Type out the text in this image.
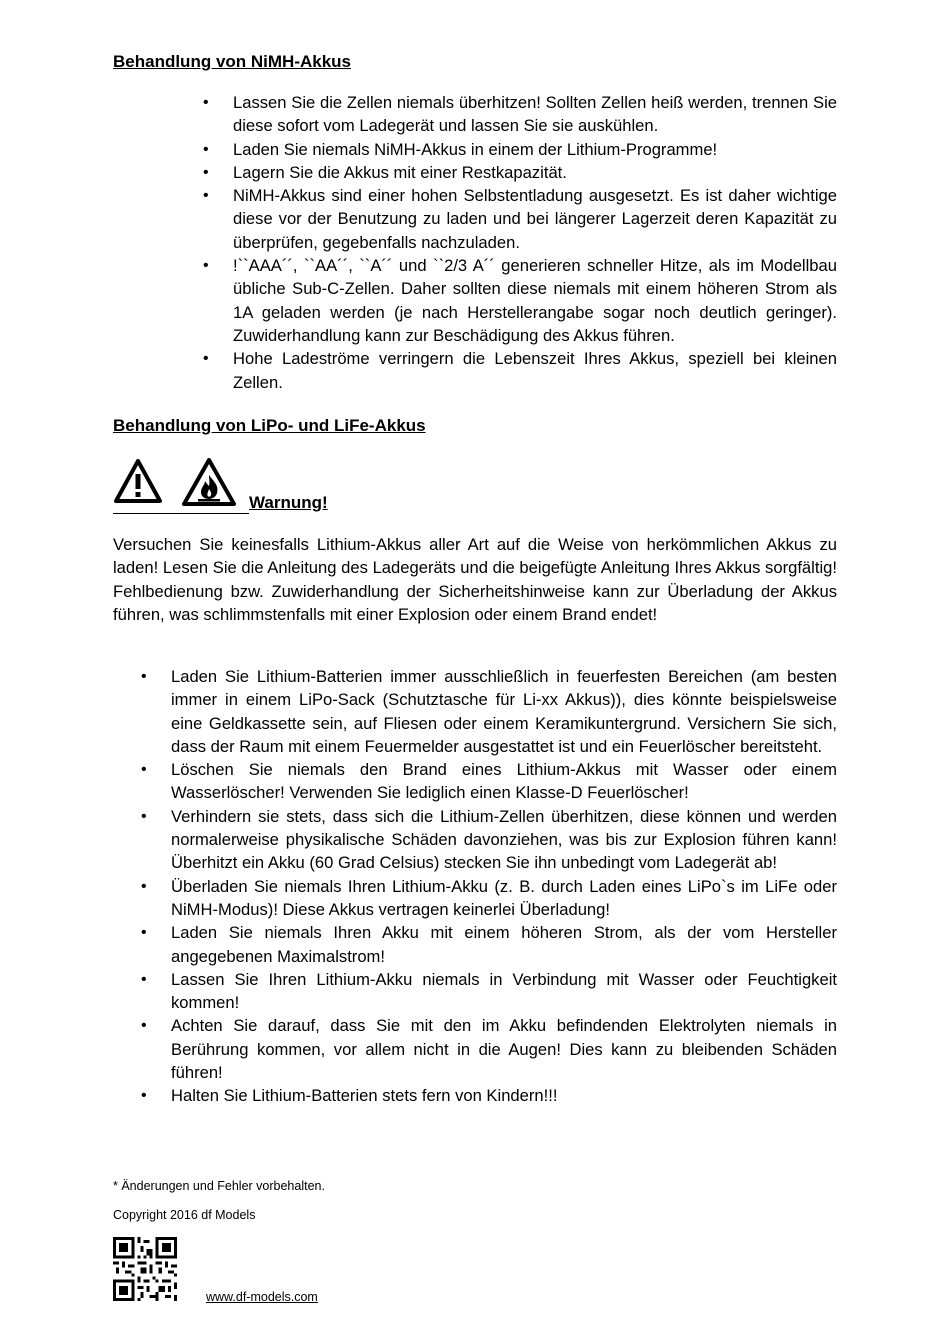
Behandlung von NiMH-Akkus
• Lassen Sie die Zellen niemals überhitzen! Sollten Zellen heiß werden, trennen Sie diese sofort vom Ladegerät und lassen Sie sie auskühlen.
• Laden Sie niemals NiMH-Akkus in einem der Lithium-Programme!
• Lagern Sie die Akkus mit einer Restkapazität.
• NiMH-Akkus sind einer hohen Selbstentladung ausgesetzt. Es ist daher wichtige diese vor der Benutzung zu laden und bei längerer Lagerzeit deren Kapazität zu überprüfen, gegebenfalls nachzuladen.
• !``AAA´´, ``AA´´, ``A´´ und ``2/3 A´´ generieren schneller Hitze, als im Modellbau übliche Sub-C-Zellen. Daher sollten diese niemals mit einem höheren Strom als 1A geladen werden (je nach Herstellerangabe sogar noch deutlich geringer). Zuwiderhandlung kann zur Beschädigung des Akkus führen.
• Hohe Ladeströme verringern die Lebenszeit Ihres Akkus, speziell bei kleinen Zellen.
Behandlung von LiPo- und LiFe-Akkus
Warnung!

Versuchen Sie keinesfalls Lithium-Akkus aller Art auf die Weise von herkömmlichen Akkus zu laden! Lesen Sie die Anleitung des Ladegeräts und die beigefügte Anleitung Ihres Akkus sorgfältig! Fehlbedienung bzw. Zuwiderhandlung der Sicherheitshinweise kann zur Überladung der Akkus führen, was schlimmstenfalls mit einer Explosion oder einem Brand endet!

• Laden Sie Lithium-Batterien immer ausschließlich in feuerfesten Bereichen (am besten immer in einem LiPo-Sack (Schutztasche für Li-xx Akkus)), dies könnte beispielsweise eine Geldkassette sein, auf Fliesen oder einem Keramikuntergrund. Versichern Sie sich, dass der Raum mit einem Feuermelder ausgestattet ist und ein Feuerlöscher bereitsteht.
• Löschen Sie niemals den Brand eines Lithium-Akkus mit Wasser oder einem Wasserlöscher! Verwenden Sie lediglich einen Klasse-D Feuerlöscher!
• Verhindern sie stets, dass sich die Lithium-Zellen überhitzen, diese können und werden normalerweise physikalische Schäden davonziehen, was bis zur Explosion führen kann! Überhitzt ein Akku (60 Grad Celsius) stecken Sie ihn unbedingt vom Ladegerät ab!
• Überladen Sie niemals Ihren Lithium-Akku (z. B. durch Laden eines LiPo`s im LiFe oder NiMH-Modus)! Diese Akkus vertragen keinerlei Überladung!
• Laden Sie niemals Ihren Akku mit einem höheren Strom, als der vom Hersteller angegebenen Maximalstrom!
• Lassen Sie Ihren Lithium-Akku niemals in Verbindung mit Wasser oder Feuchtigkeit kommen!
• Achten Sie darauf, dass Sie mit den im Akku befindenden Elektrolyten niemals in Berührung kommen, vor allem nicht in die Augen! Dies kann zu bleibenden Schäden führen!
• Halten Sie Lithium-Batterien stets fern von Kindern!!!
* Änderungen und Fehler vorbehalten.
Copyright 2016 df Models
www.df-models.com
